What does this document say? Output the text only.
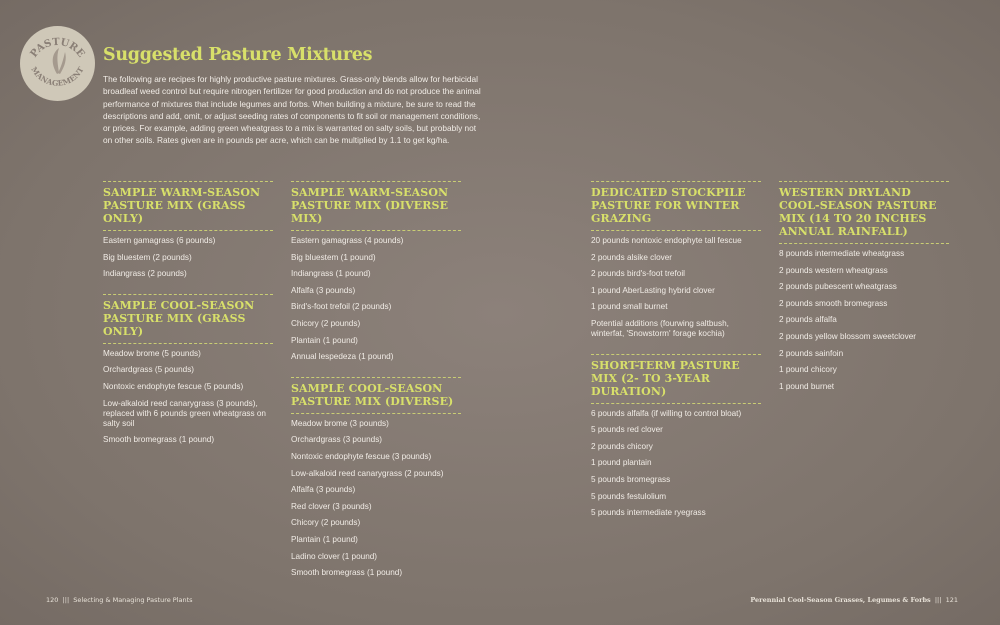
PASTURE
MANAGEMENT
Suggested Pasture Mixtures
The following are recipes for highly productive pasture mixtures. Grass-only blends allow for herbicidal broadleaf weed control but require nitrogen fertilizer for good production and do not produce the animal performance of mixtures that include legumes and forbs. When building a mixture, be sure to read the descriptions and add, omit, or adjust seeding rates of components to fit soil or management conditions, or prices. For example, adding green wheatgrass to a mix is warranted on salty soils, but probably not on other soils. Rates given are in pounds per acre, which can be multiplied by 1.1 to get kg/ha.
SAMPLE WARM-SEASON PASTURE MIX (GRASS ONLY)
Eastern gamagrass (6 pounds)
Big bluestem (2 pounds)
Indiangrass (2 pounds)
SAMPLE COOL-SEASON PASTURE MIX (GRASS ONLY)
Meadow brome (5 pounds)
Orchardgrass (5 pounds)
Nontoxic endophyte fescue (5 pounds)
Low-alkaloid reed canarygrass (3 pounds), replaced with 6 pounds green wheatgrass on salty soil
Smooth bromegrass (1 pound)
SAMPLE WARM-SEASON PASTURE MIX (DIVERSE MIX)
Eastern gamagrass (4 pounds)
Big bluestem (1 pound)
Indiangrass (1 pound)
Alfalfa (3 pounds)
Bird's-foot trefoil (2 pounds)
Chicory (2 pounds)
Plantain (1 pound)
Annual lespedeza (1 pound)
SAMPLE COOL-SEASON PASTURE MIX (DIVERSE)
Meadow brome (3 pounds)
Orchardgrass (3 pounds)
Nontoxic endophyte fescue (3 pounds)
Low-alkaloid reed canarygrass (2 pounds)
Alfalfa (3 pounds)
Red clover (3 pounds)
Chicory (2 pounds)
Plantain (1 pound)
Ladino clover (1 pound)
Smooth bromegrass (1 pound)
DEDICATED STOCKPILE PASTURE FOR WINTER GRAZING
20 pounds nontoxic endophyte tall fescue
2 pounds alsike clover
2 pounds bird's-foot trefoil
1 pound AberLasting hybrid clover
1 pound small burnet
Potential additions (fourwing saltbush, winterfat, 'Snowstorm' forage kochia)
SHORT-TERM PASTURE MIX (2- TO 3-YEAR DURATION)
6 pounds alfalfa (if willing to control bloat)
5 pounds red clover
2 pounds chicory
1 pound plantain
5 pounds bromegrass
5 pounds festulolium
5 pounds intermediate ryegrass
WESTERN DRYLAND COOL-SEASON PASTURE MIX (14 TO 20 INCHES ANNUAL RAINFALL)
8 pounds intermediate wheatgrass
2 pounds western wheatgrass
2 pounds pubescent wheatgrass
2 pounds smooth bromegrass
2 pounds alfalfa
2 pounds yellow blossom sweetclover
2 pounds sainfoin
1 pound chicory
1 pound burnet
120 ||| Selecting & Managing Pasture Plants	Perennial Cool-Season Grasses, Legumes & Forbs ||| 121
